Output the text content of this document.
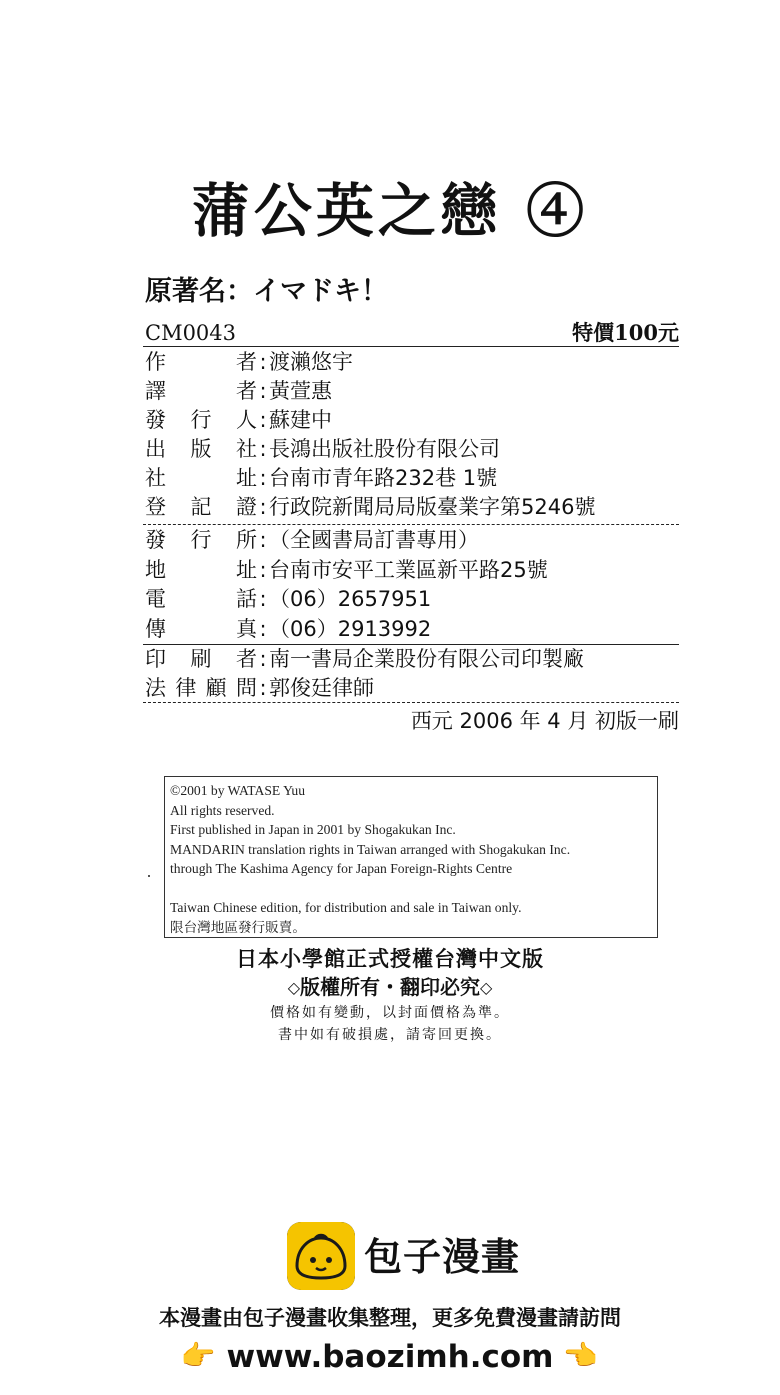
蒲公英之戀 ④
原著名：イマドキ！
CM0043	特價100元
作者 : 渡瀨悠宇
譯者 : 黃萱惠
發行人 : 蘇建中
出版社 : 長鴻出版社股份有限公司
社址 : 台南市青年路232巷 1號
登記證 : 行政院新聞局局版臺業字第5246號
發行所 : （全國書局訂書專用）
地址 : 台南市安平工業區新平路25號
電話 : （06）2657951
傳真 : （06）2913992
印刷者 : 南一書局企業股份有限公司印製廠
法律顧問 : 郭俊廷律師
西元 2006 年 4 月 初版一刷
©2001 by WATASE Yuu
All rights reserved.
First published in Japan in 2001 by Shogakukan Inc.
MANDARIN translation rights in Taiwan arranged with Shogakukan Inc.
through The Kashima Agency for Japan Foreign-Rights Centre

Taiwan Chinese edition, for distribution and sale in Taiwan only.
限台灣地區發行販賣。
日本小學館正式授權台灣中文版
◇版權所有・翻印必究◇
價格如有變動，以封面價格為準。
書中如有破損處，請寄回更換。
包子漫畫
本漫畫由包子漫畫收集整理，更多免費漫畫請訪問
👉 www.baozimh.com 👉
